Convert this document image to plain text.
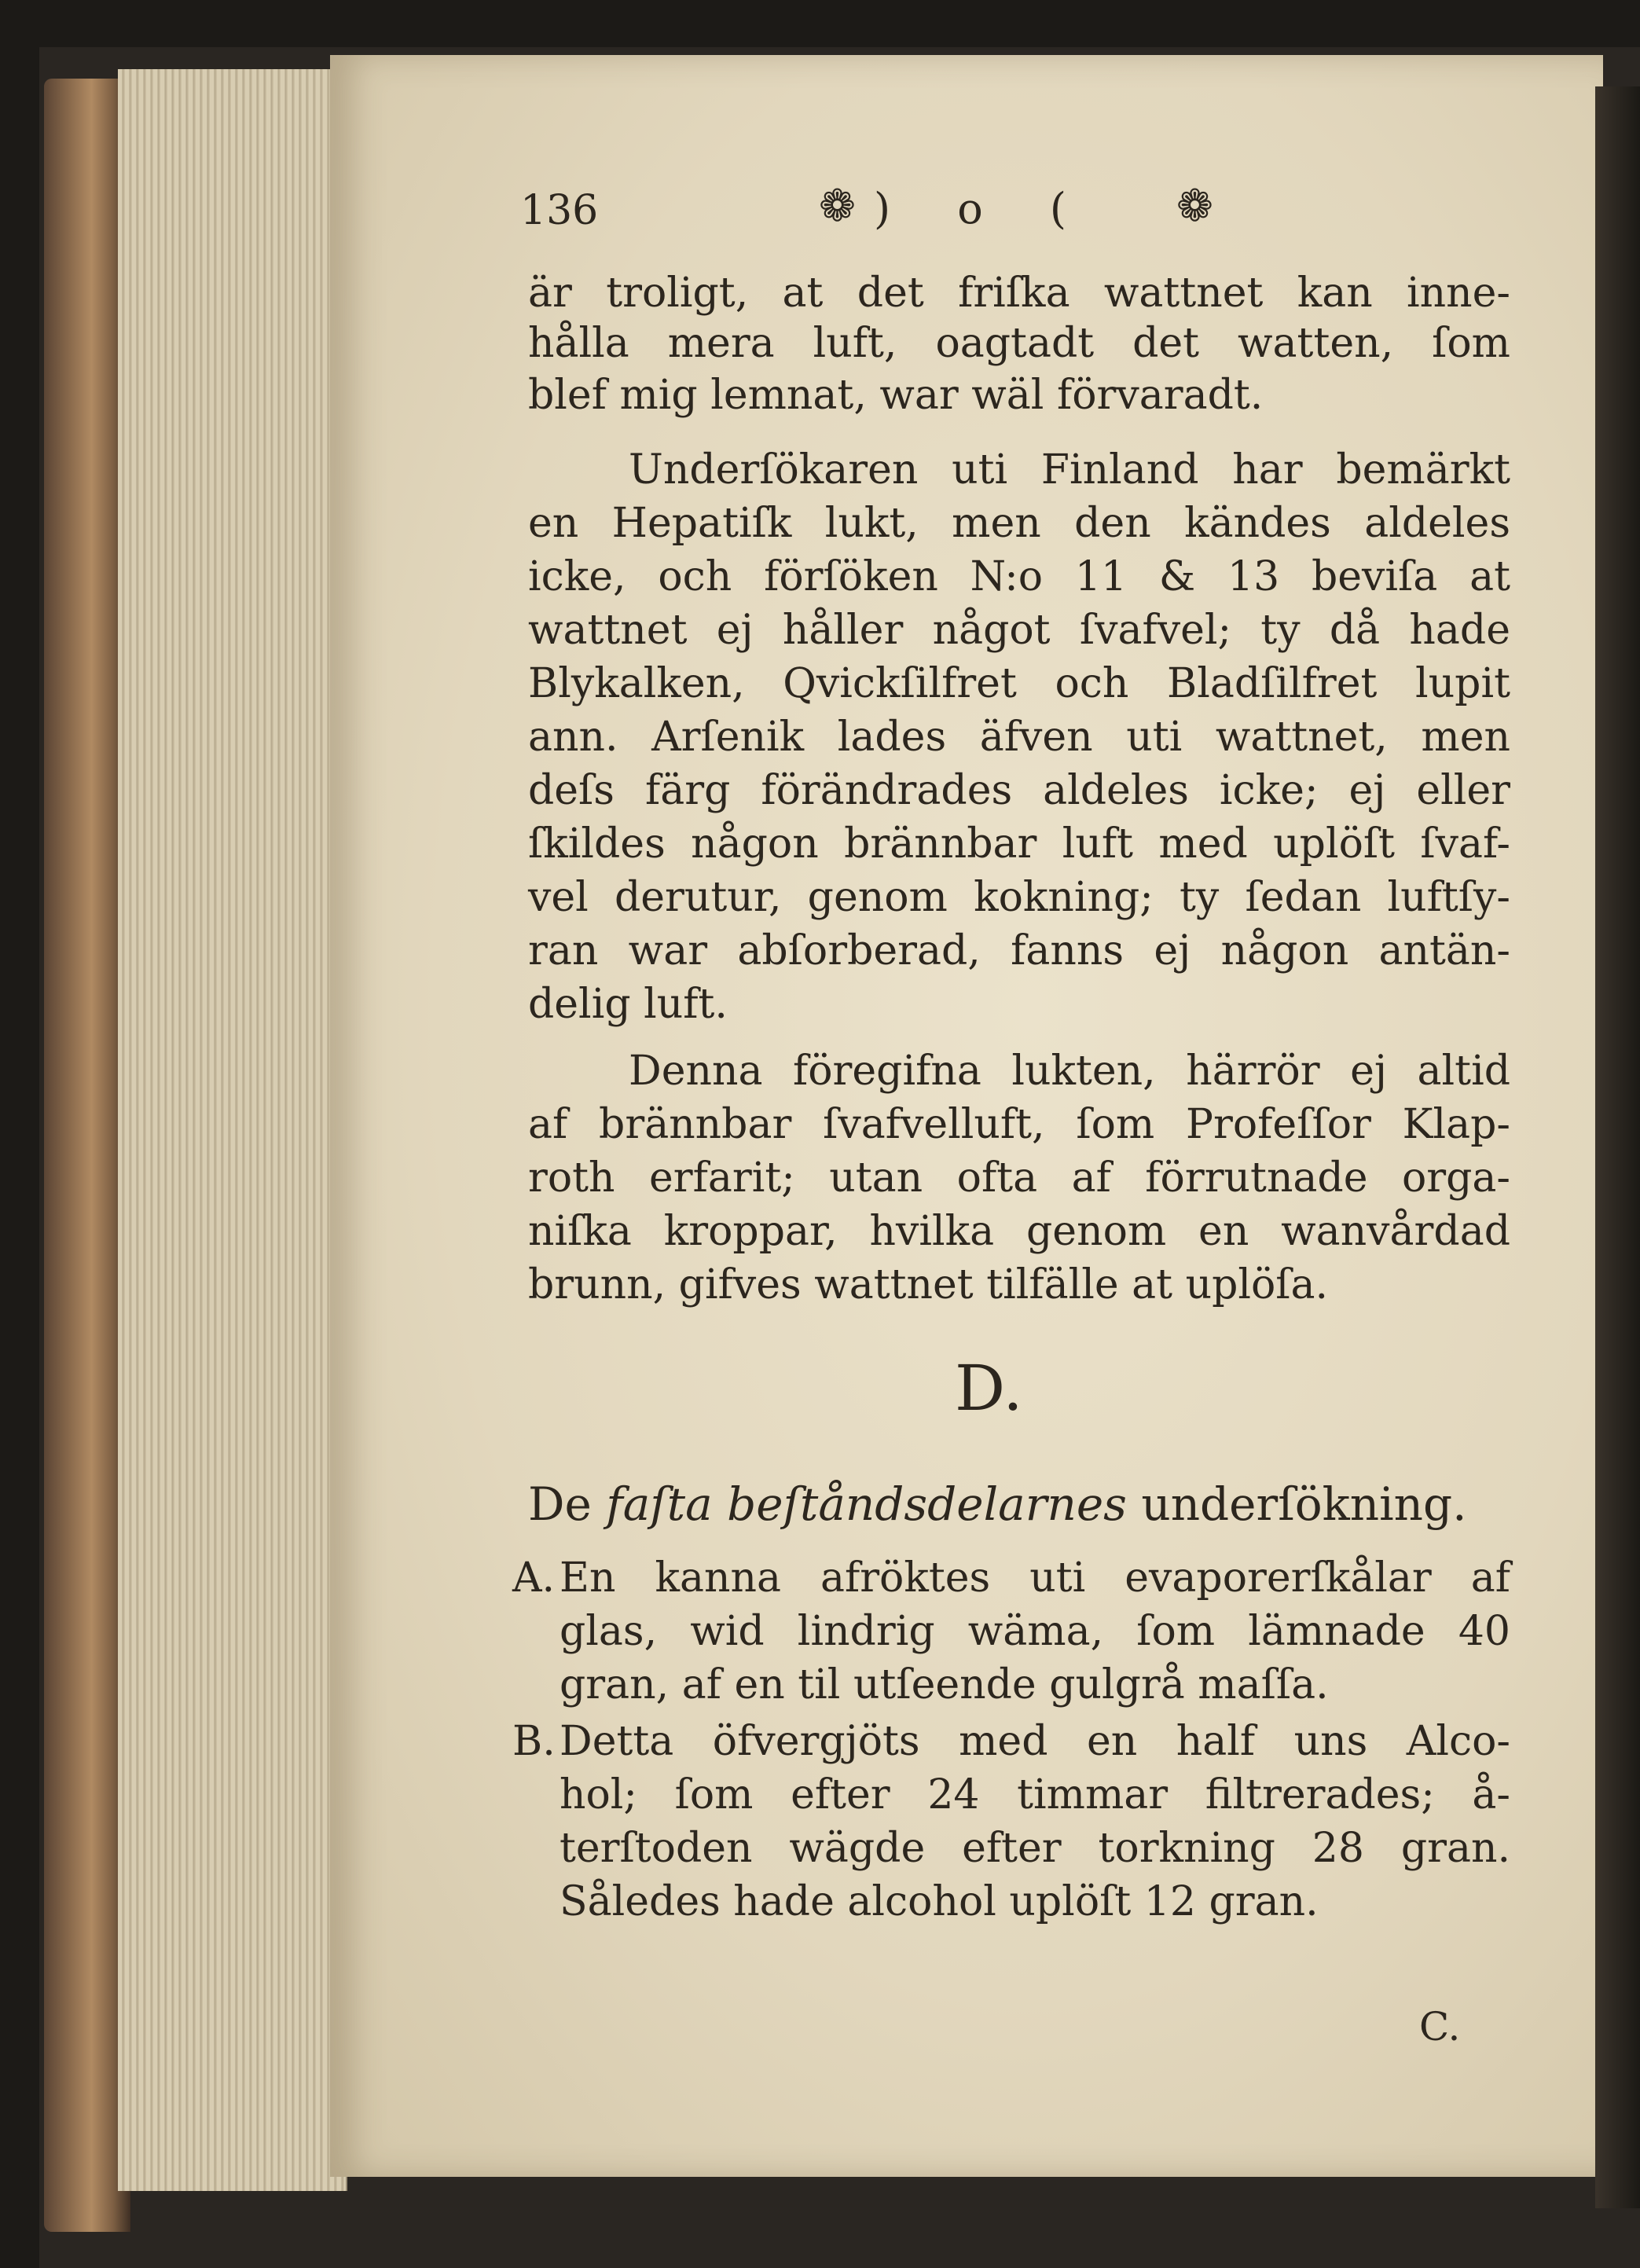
136	❁ ) o ( ❁
är troligt, at det friſka wattnet kan inne-
hålla mera luft, oagtadt det watten, ſom
blef mig lemnat, war wäl förvaradt.
Underſökaren uti Finland har bemärkt
en Hepatiſk lukt, men den kändes aldeles
icke, och förſöken N:o 11 & 13 beviſa at
wattnet ej håller något ſvafvel; ty då hade
Blykalken, Qvickſilfret och Bladſilfret lupit
ann. Arſenik lades äfven uti wattnet, men
deſs färg förändrades aldeles icke; ej eller
ſkildes någon brännbar luft med uplöſt ſvaf-
vel derutur, genom kokning; ty ſedan luftſy-
ran war abſorberad, fanns ej någon antän-
delig luft.
Denna föregifna lukten, härrör ej altid
af brännbar ſvafvelluft, ſom Profeſſor Klap-
roth erfarit; utan ofta af förrutnade orga-
niſka kroppar, hvilka genom en wanvårdad
brunn, gifves wattnet tilfälle at uplöſa.
D.
De faſta beſtåndsdelarnes underſökning.
A. En kanna afröktes uti evaporerſkålar af
glas, wid lindrig wäma, ſom lämnade 40
gran, af en til utſeende gulgrå maſſa.
B. Detta öfvergjöts med en half uns Alco-
hol; ſom efter 24 timmar filtrerades; å-
terſtoden wägde efter torkning 28 gran.
Således hade alcohol uplöſt 12 gran.
C.
